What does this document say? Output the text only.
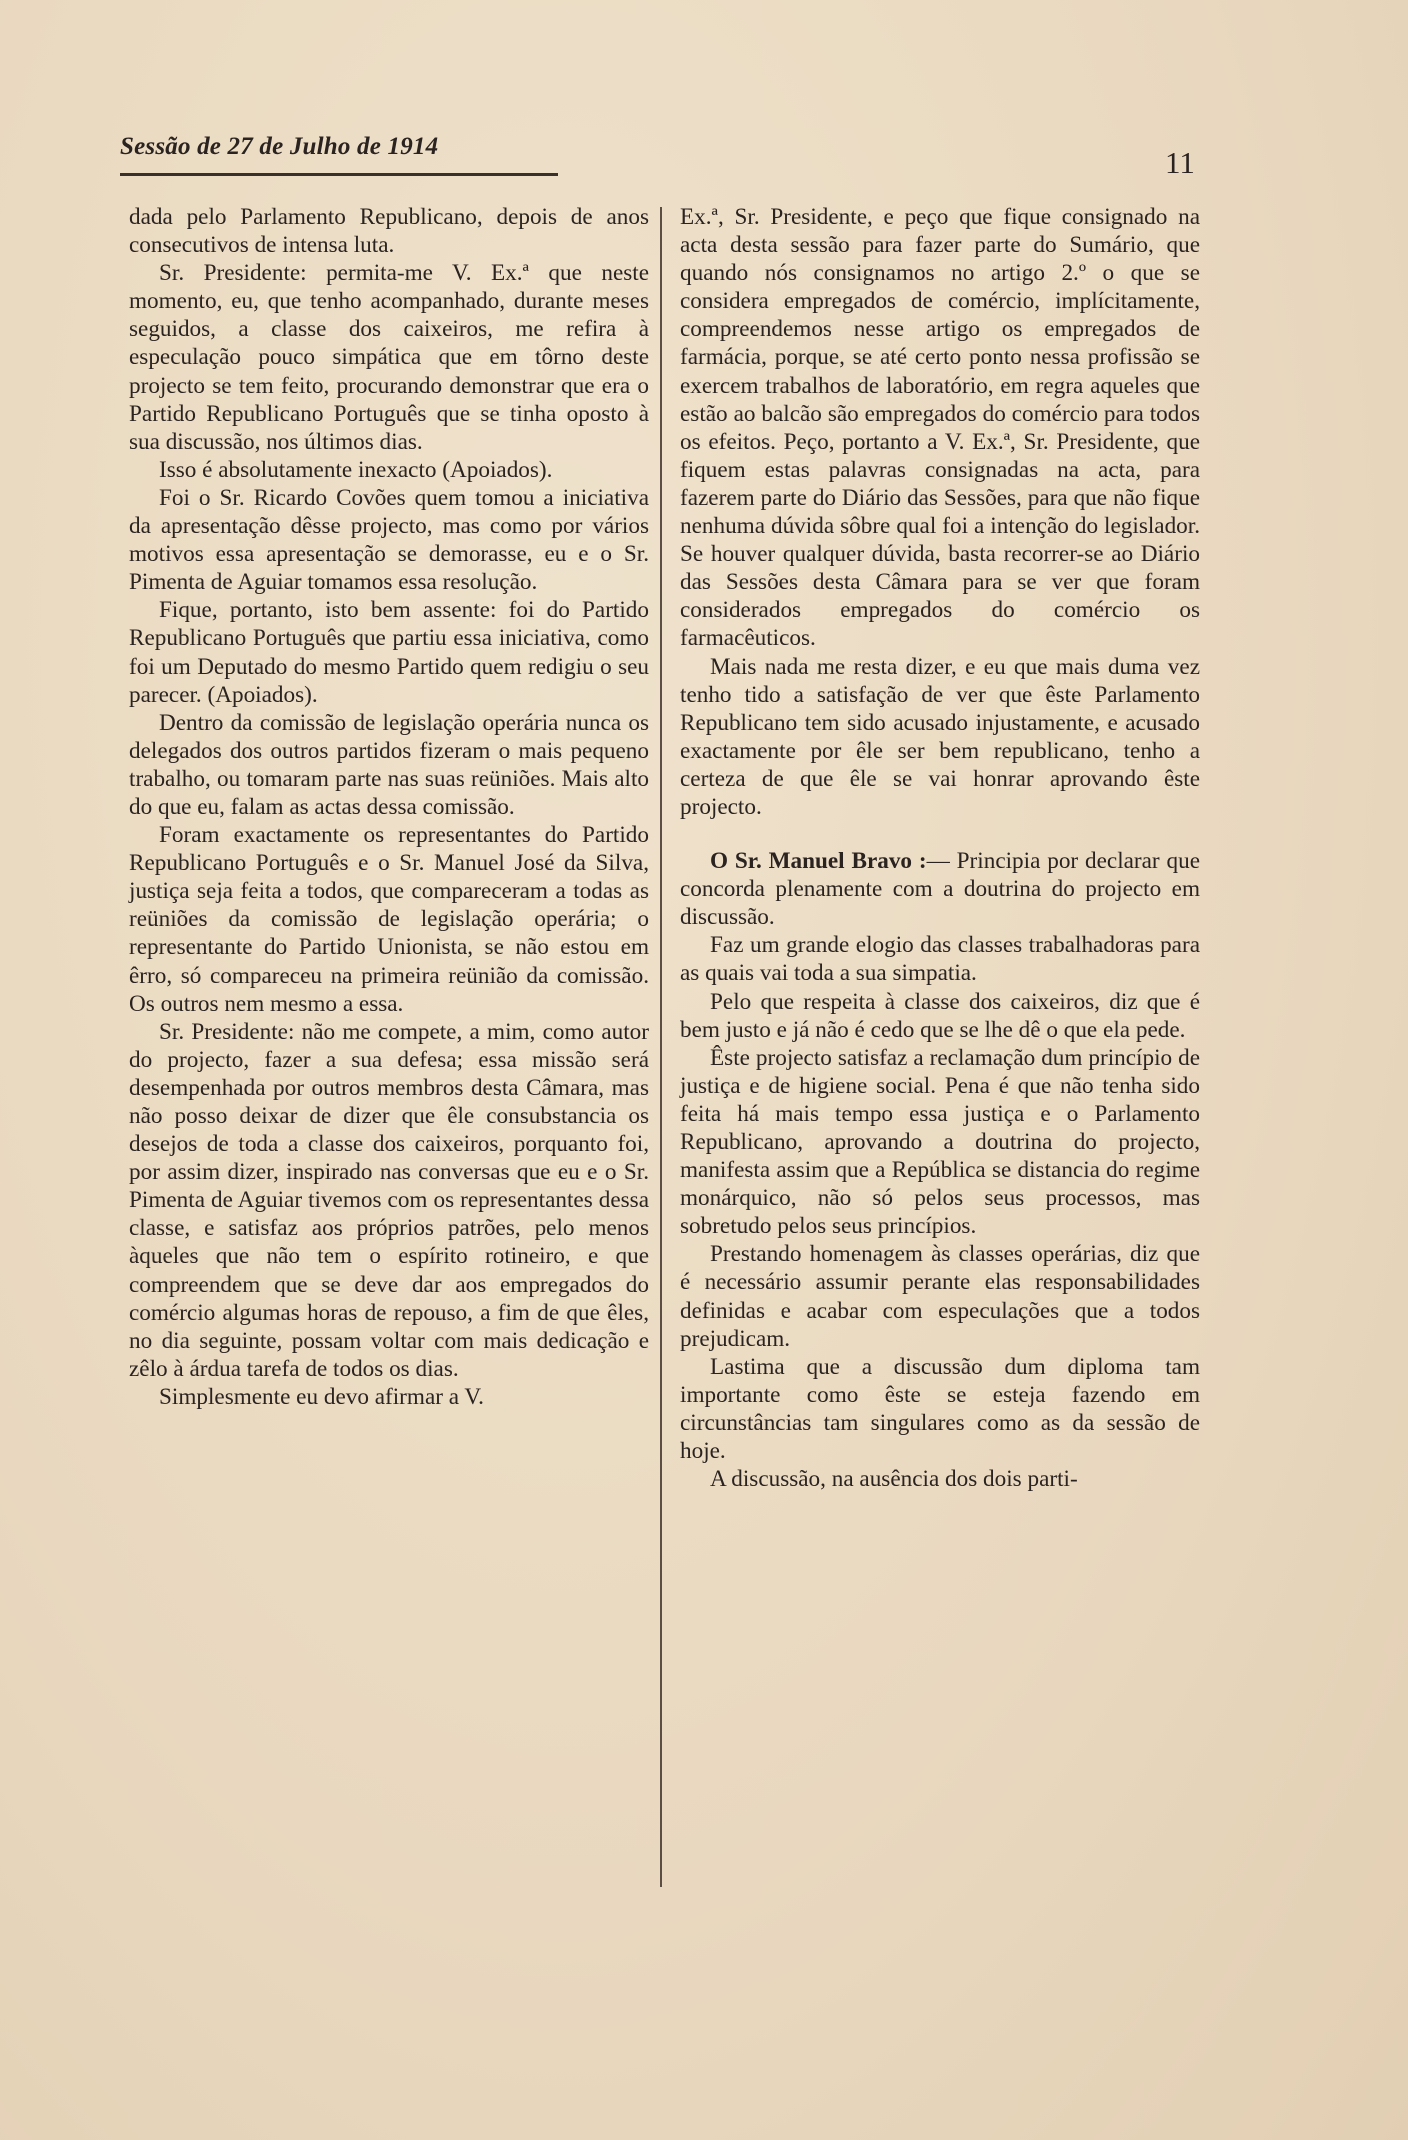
Sessão de 27 de Julho de 1914	11

dada pelo Parlamento Republicano, depois de anos consecutivos de intensa luta.

Sr. Presidente: permita-me V. Ex.ª que neste momento, eu, que tenho acompanhado, durante meses seguidos, a classe dos caixeiros, me refira à especulação pouco simpática que em tôrno deste projecto se tem feito, procurando demonstrar que era o Partido Republicano Português que se tinha oposto à sua discussão, nos últimos dias.

Isso é absolutamente inexacto (Apoiados).

Foi o Sr. Ricardo Covões quem tomou a iniciativa da apresentação dêsse projecto, mas como por vários motivos essa apresentação se demorasse, eu e o Sr. Pimenta de Aguiar tomamos essa resolução.

Fique, portanto, isto bem assente: foi do Partido Republicano Português que partiu essa iniciativa, como foi um Deputado do mesmo Partido quem redigiu o seu parecer. (Apoiados).

Dentro da comissão de legislação operária nunca os delegados dos outros partidos fizeram o mais pequeno trabalho, ou tomaram parte nas suas reüniões. Mais alto do que eu, falam as actas dessa comissão.

Foram exactamente os representantes do Partido Republicano Português e o Sr. Manuel José da Silva, justiça seja feita a todos, que compareceram a todas as reüniões da comissão de legislação operária; o representante do Partido Unionista, se não estou em êrro, só compareceu na primeira reünião da comissão. Os outros nem mesmo a essa.

Sr. Presidente: não me compete, a mim, como autor do projecto, fazer a sua defesa; essa missão será desempenhada por outros membros desta Câmara, mas não posso deixar de dizer que êle consubstancia os desejos de toda a classe dos caixeiros, porquanto foi, por assim dizer, inspirado nas conversas que eu e o Sr. Pimenta de Aguiar tivemos com os representantes dessa classe, e satisfaz aos próprios patrões, pelo menos àqueles que não tem o espírito rotineiro, e que compreendem que se deve dar aos empregados do comércio algumas horas de repouso, a fim de que êles, no dia seguinte, possam voltar com mais dedicação e zêlo à árdua tarefa de todos os dias.

Simplesmente eu devo afirmar a V.

Ex.ª, Sr. Presidente, e peço que fique consignado na acta desta sessão para fazer parte do Sumário, que quando nós consignamos no artigo 2.º o que se considera empregados de comércio, implícitamente, compreendemos nesse artigo os empregados de farmácia, porque, se até certo ponto nessa profissão se exercem trabalhos de laboratório, em regra aqueles que estão ao balcão são empregados do comércio para todos os efeitos. Peço, portanto a V. Ex.ª, Sr. Presidente, que fiquem estas palavras consignadas na acta, para fazerem parte do Diário das Sessões, para que não fique nenhuma dúvida sôbre qual foi a intenção do legislador. Se houver qualquer dúvida, basta recorrer-se ao Diário das Sessões desta Câmara para se ver que foram considerados empregados do comércio os farmacêuticos.

Mais nada me resta dizer, e eu que mais duma vez tenho tido a satisfação de ver que êste Parlamento Republicano tem sido acusado injustamente, e acusado exactamente por êle ser bem republicano, tenho a certeza de que êle se vai honrar aprovando êste projecto.

O Sr. Manuel Bravo :— Principia por declarar que concorda plenamente com a doutrina do projecto em discussão.

Faz um grande elogio das classes trabalhadoras para as quais vai toda a sua simpatia.

Pelo que respeita à classe dos caixeiros, diz que é bem justo e já não é cedo que se lhe dê o que ela pede.

Êste projecto satisfaz a reclamação dum princípio de justiça e de higiene social. Pena é que não tenha sido feita há mais tempo essa justiça e o Parlamento Republicano, aprovando a doutrina do projecto, manifesta assim que a República se distancia do regime monárquico, não só pelos seus processos, mas sobretudo pelos seus princípios.

Prestando homenagem às classes operárias, diz que é necessário assumir perante elas responsabilidades definidas e acabar com especulações que a todos prejudicam.

Lastima que a discussão dum diploma tam importante como êste se esteja fazendo em circunstâncias tam singulares como as da sessão de hoje.

A discussão, na ausência dos dois parti-
